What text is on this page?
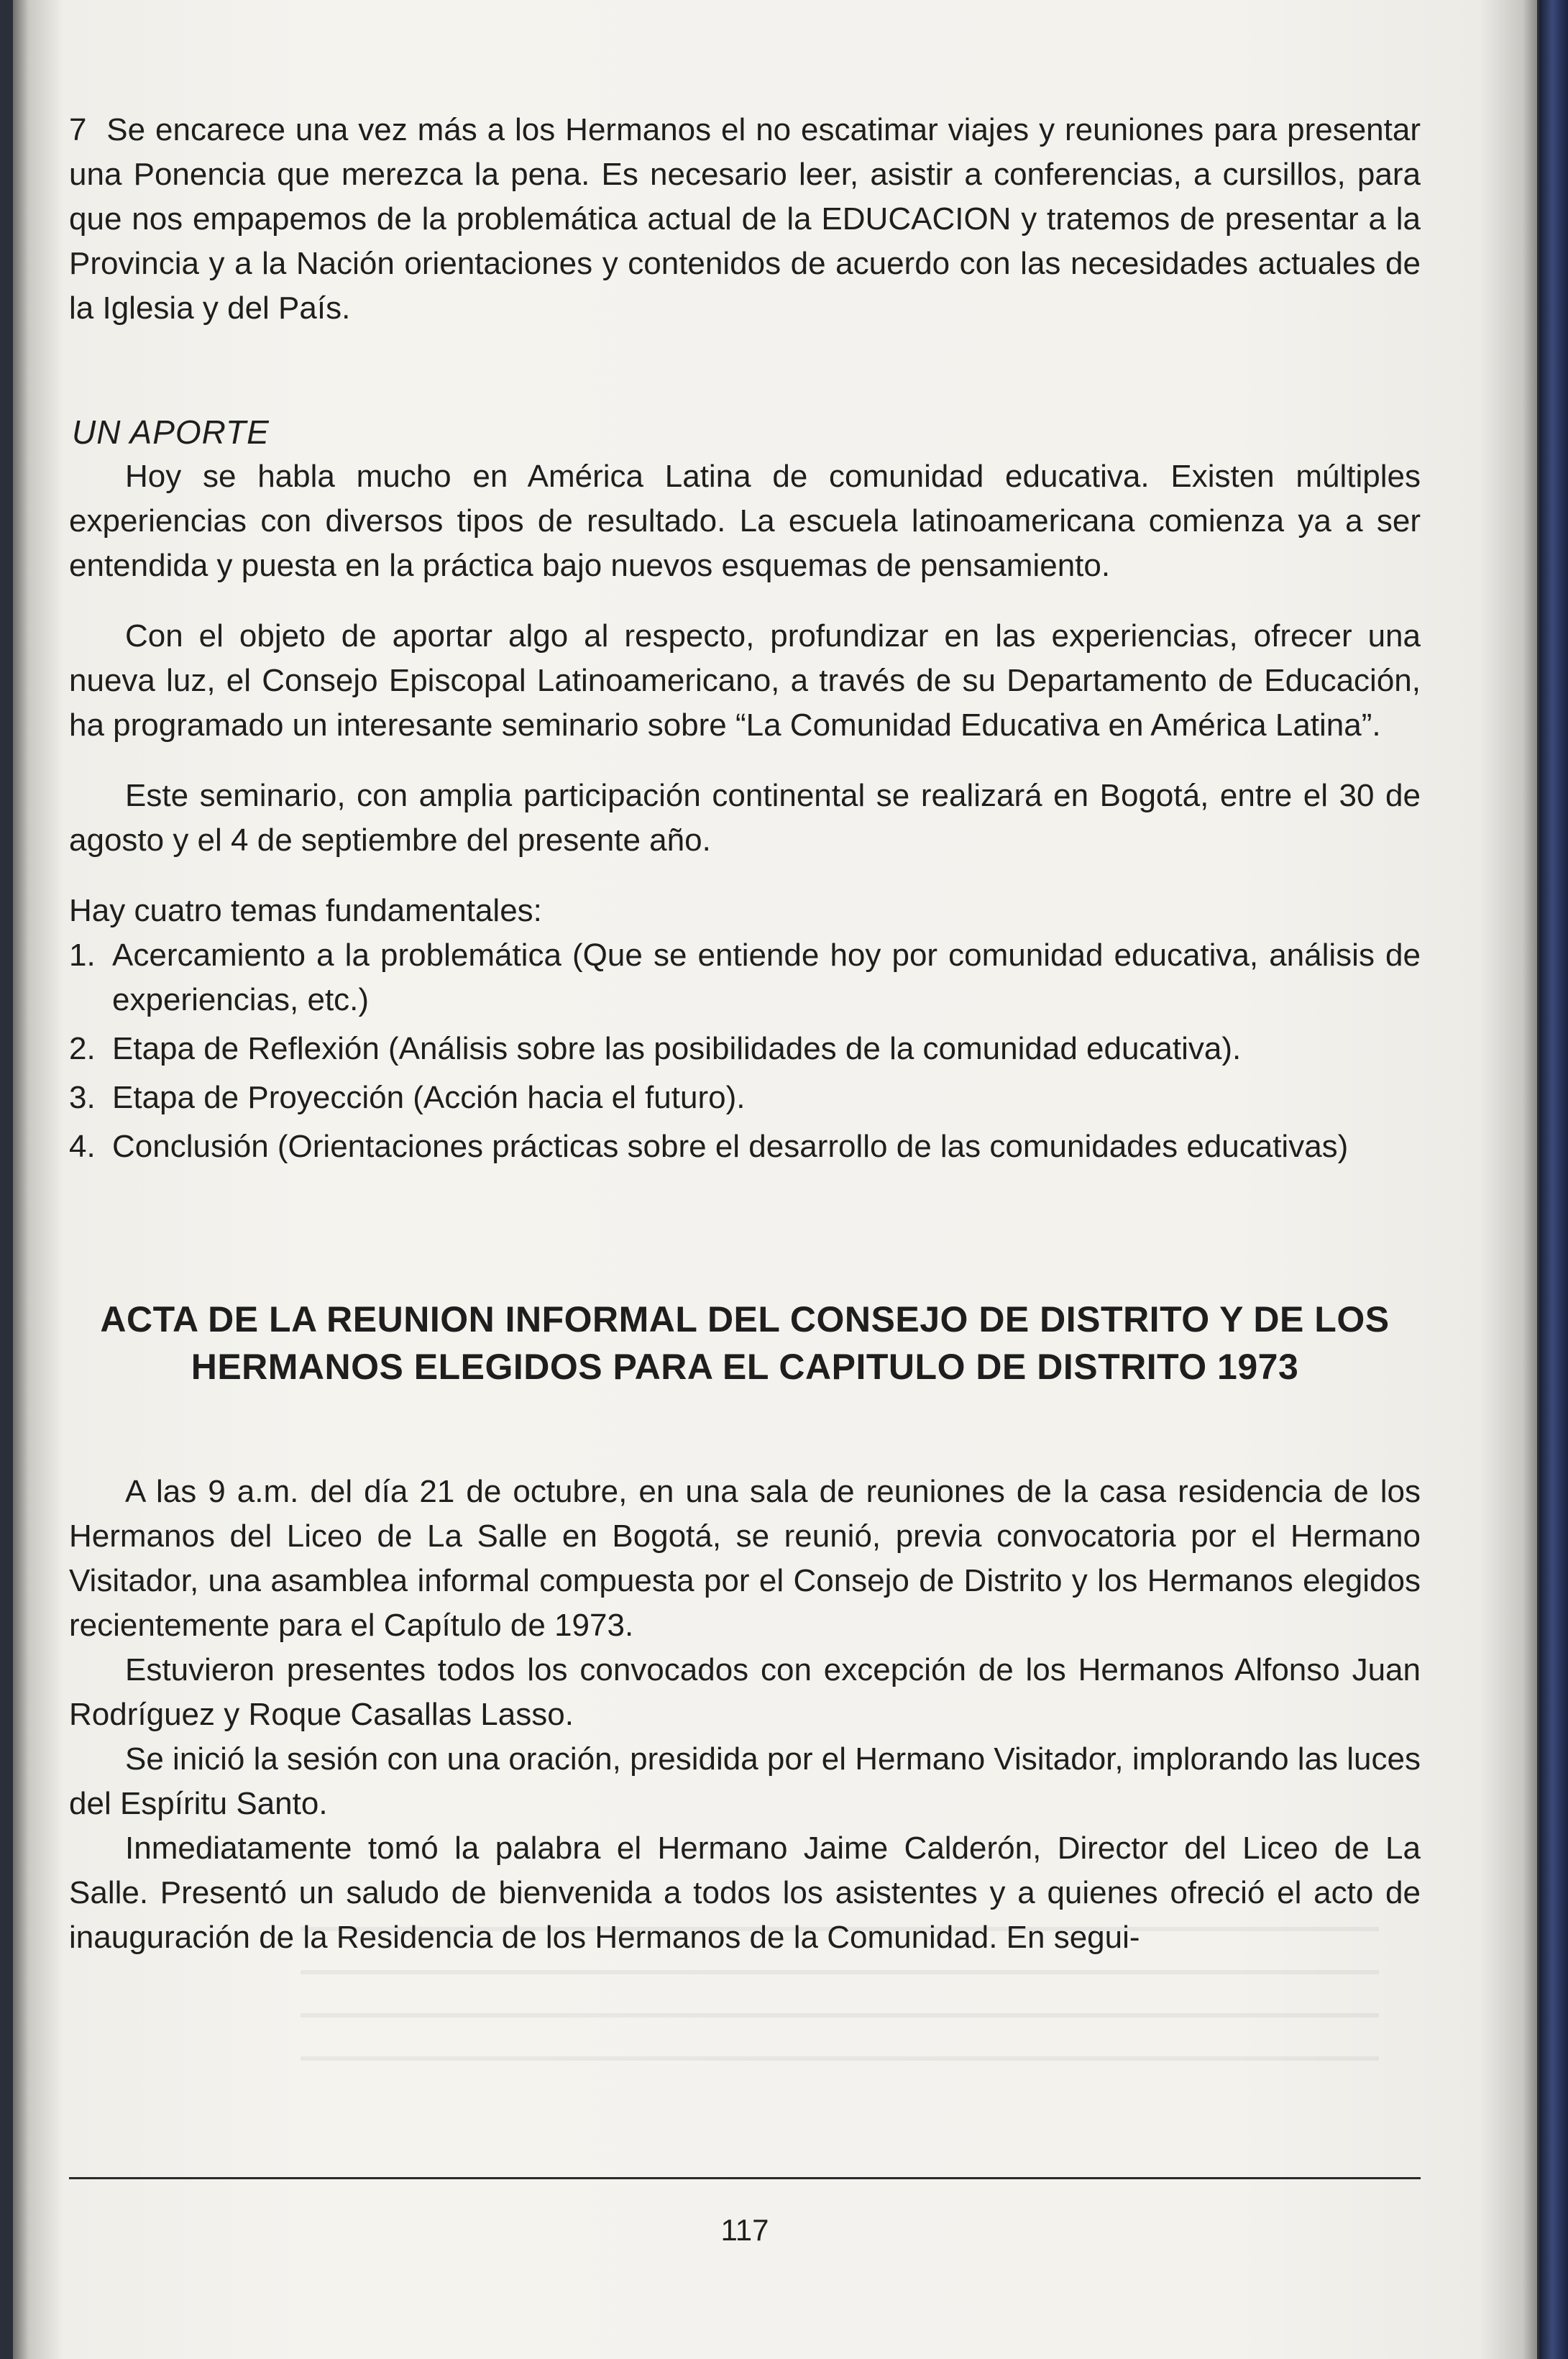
7 Se encarece una vez más a los Hermanos el no escatimar viajes y reuniones para presentar una Ponencia que merezca la pena. Es necesario leer, asistir a conferencias, a cursillos, para que nos empapemos de la problemática actual de la EDUCACION y tratemos de presentar a la Provincia y a la Nación orientaciones y contenidos de acuerdo con las necesidades actuales de la Iglesia y del País.

UN APORTE

Hoy se habla mucho en América Latina de comunidad educativa. Existen múltiples experiencias con diversos tipos de resultado. La escuela latinoamericana comienza ya a ser entendida y puesta en la práctica bajo nuevos esquemas de pensamiento.

Con el objeto de aportar algo al respecto, profundizar en las experiencias, ofrecer una nueva luz, el Consejo Episcopal Latinoamericano, a través de su Departamento de Educación, ha programado un interesante seminario sobre “La Comunidad Educativa en América Latina”.

Este seminario, con amplia participación continental se realizará en Bogotá, entre el 30 de agosto y el 4 de septiembre del presente año.

Hay cuatro temas fundamentales:

1. Acercamiento a la problemática (Que se entiende hoy por comunidad educativa, análisis de experiencias, etc.)
2. Etapa de Reflexión (Análisis sobre las posibilidades de la comunidad educativa).
3. Etapa de Proyección (Acción hacia el futuro).
4. Conclusión (Orientaciones prácticas sobre el desarrollo de las comunidades educativas)
ACTA DE LA REUNION INFORMAL DEL CONSEJO DE DISTRITO Y DE LOS HERMANOS ELEGIDOS PARA EL CAPITULO DE DISTRITO 1973

A las 9 a.m. del día 21 de octubre, en una sala de reuniones de la casa residencia de los Hermanos del Liceo de La Salle en Bogotá, se reunió, previa convocatoria por el Hermano Visitador, una asamblea informal compuesta por el Consejo de Distrito y los Hermanos elegidos recientemente para el Capítulo de 1973.

Estuvieron presentes todos los convocados con excepción de los Hermanos Alfonso Juan Rodríguez y Roque Casallas Lasso.

Se inició la sesión con una oración, presidida por el Hermano Visitador, implorando las luces del Espíritu Santo.

Inmediatamente tomó la palabra el Hermano Jaime Calderón, Director del Liceo de La Salle. Presentó un saludo de bienvenida a todos los asistentes y a quienes ofreció el acto de inauguración de la Residencia de los Hermanos de la Comunidad. En segui-

117
